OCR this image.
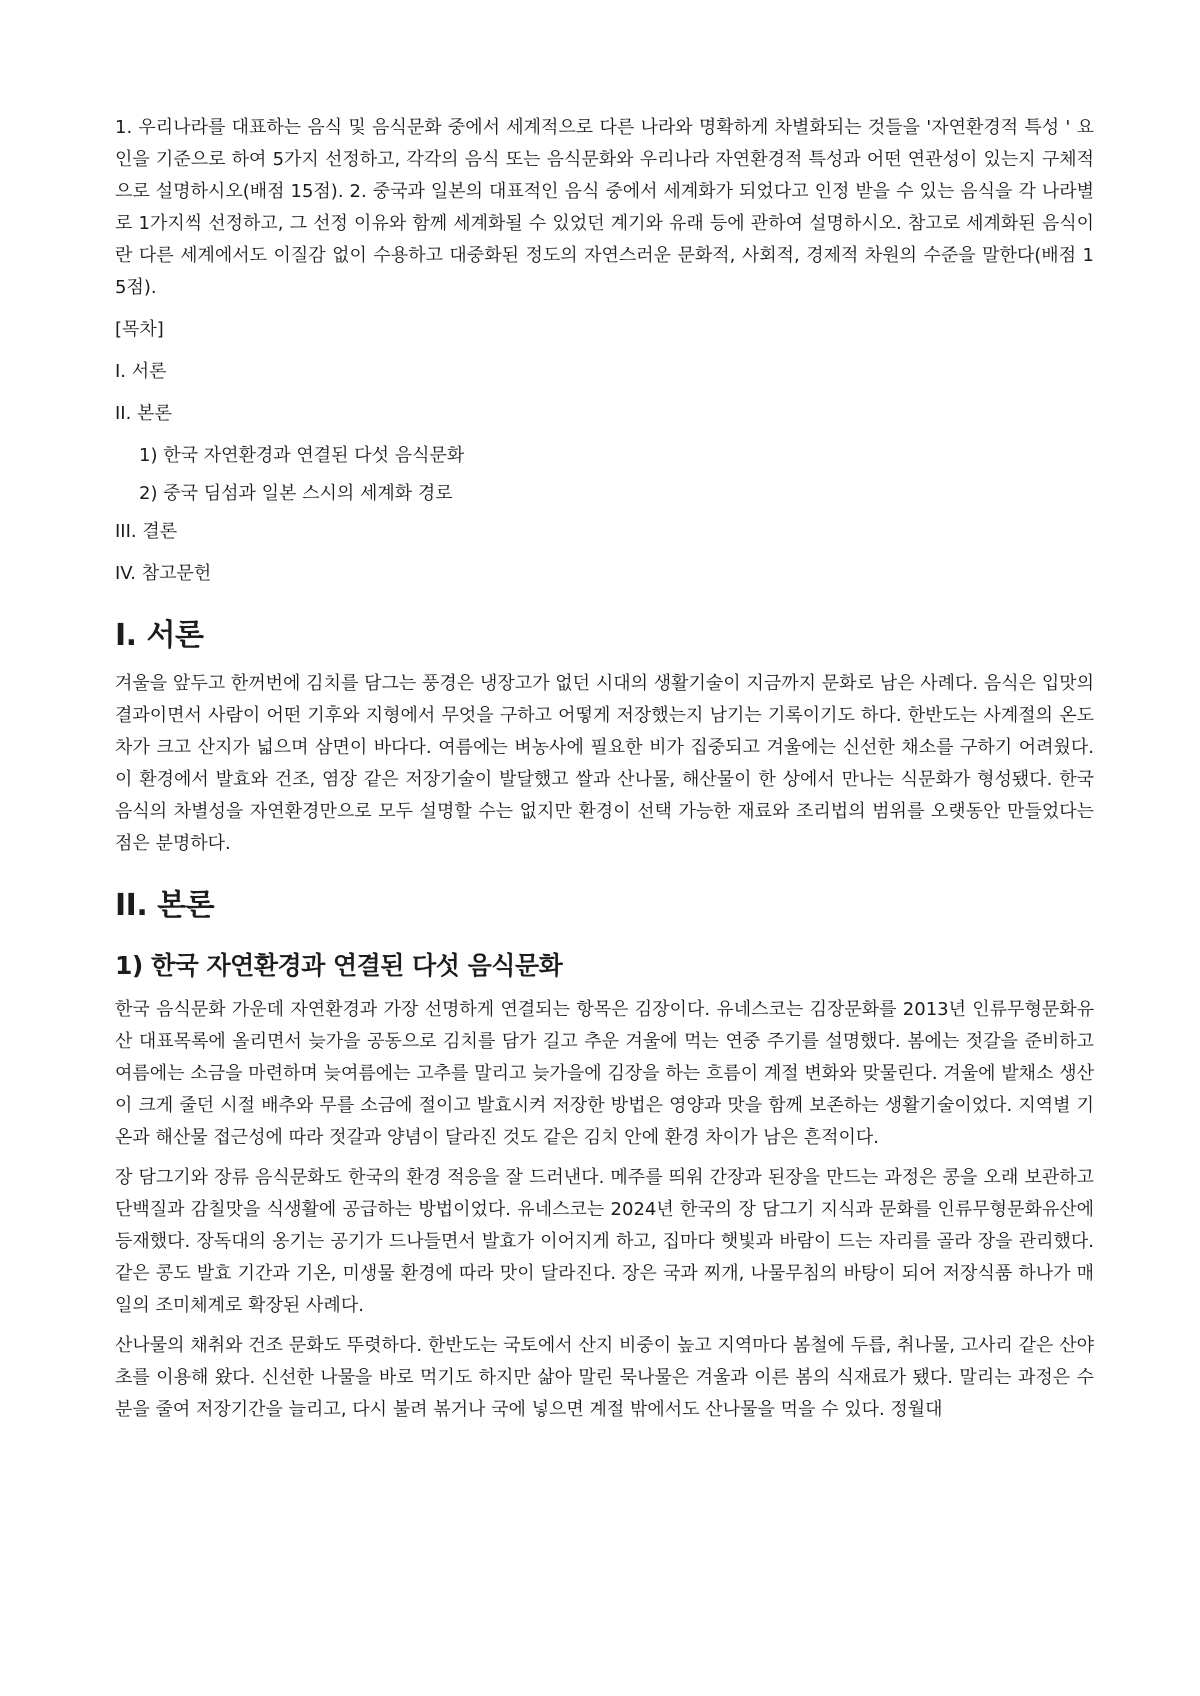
1. 우리나라를 대표하는 음식 및 음식문화 중에서 세계적으로 다른 나라와 명확하게 차별화되는 것들을 '자연환경적 특성 ' 요인을 기준으로 하여 5가지 선정하고, 각각의 음식 또는 음식문화와 우리나라 자연환경적 특성과 어떤 연관성이 있는지 구체적으로 설명하시오(배점 15점). 2. 중국과 일본의 대표적인 음식 중에서 세계화가 되었다고 인정 받을 수 있는 음식을 각 나라별로 1가지씩 선정하고, 그 선정 이유와 함께 세계화될 수 있었던 계기와 유래 등에 관하여 설명하시오. 참고로 세계화된 음식이란 다른 세계에서도 이질감 없이 수용하고 대중화된 정도의 자연스러운 문화적, 사회적, 경제적 차원의 수준을 말한다(배점 15점).

[목차]

I. 서론

II. 본론

1) 한국 자연환경과 연결된 다섯 음식문화

2) 중국 딤섬과 일본 스시의 세계화 경로

III. 결론

IV. 참고문헌

I. 서론

겨울을 앞두고 한꺼번에 김치를 담그는 풍경은 냉장고가 없던 시대의 생활기술이 지금까지 문화로 남은 사례다. 음식은 입맛의 결과이면서 사람이 어떤 기후와 지형에서 무엇을 구하고 어떻게 저장했는지 남기는 기록이기도 하다. 한반도는 사계절의 온도차가 크고 산지가 넓으며 삼면이 바다다. 여름에는 벼농사에 필요한 비가 집중되고 겨울에는 신선한 채소를 구하기 어려웠다. 이 환경에서 발효와 건조, 염장 같은 저장기술이 발달했고 쌀과 산나물, 해산물이 한 상에서 만나는 식문화가 형성됐다. 한국 음식의 차별성을 자연환경만으로 모두 설명할 수는 없지만 환경이 선택 가능한 재료와 조리법의 범위를 오랫동안 만들었다는 점은 분명하다.

II. 본론
1) 한국 자연환경과 연결된 다섯 음식문화

한국 음식문화 가운데 자연환경과 가장 선명하게 연결되는 항목은 김장이다. 유네스코는 김장문화를 2013년 인류무형문화유산 대표목록에 올리면서 늦가을 공동으로 김치를 담가 길고 추운 겨울에 먹는 연중 주기를 설명했다. 봄에는 젓갈을 준비하고 여름에는 소금을 마련하며 늦여름에는 고추를 말리고 늦가을에 김장을 하는 흐름이 계절 변화와 맞물린다. 겨울에 밭채소 생산이 크게 줄던 시절 배추와 무를 소금에 절이고 발효시켜 저장한 방법은 영양과 맛을 함께 보존하는 생활기술이었다. 지역별 기온과 해산물 접근성에 따라 젓갈과 양념이 달라진 것도 같은 김치 안에 환경 차이가 남은 흔적이다.

장 담그기와 장류 음식문화도 한국의 환경 적응을 잘 드러낸다. 메주를 띄워 간장과 된장을 만드는 과정은 콩을 오래 보관하고 단백질과 감칠맛을 식생활에 공급하는 방법이었다. 유네스코는 2024년 한국의 장 담그기 지식과 문화를 인류무형문화유산에 등재했다. 장독대의 옹기는 공기가 드나들면서 발효가 이어지게 하고, 집마다 햇빛과 바람이 드는 자리를 골라 장을 관리했다. 같은 콩도 발효 기간과 기온, 미생물 환경에 따라 맛이 달라진다. 장은 국과 찌개, 나물무침의 바탕이 되어 저장식품 하나가 매일의 조미체계로 확장된 사례다.

산나물의 채취와 건조 문화도 뚜렷하다. 한반도는 국토에서 산지 비중이 높고 지역마다 봄철에 두릅, 취나물, 고사리 같은 산야초를 이용해 왔다. 신선한 나물을 바로 먹기도 하지만 삶아 말린 묵나물은 겨울과 이른 봄의 식재료가 됐다. 말리는 과정은 수분을 줄여 저장기간을 늘리고, 다시 불려 볶거나 국에 넣으면 계절 밖에서도 산나물을 먹을 수 있다. 정월대
